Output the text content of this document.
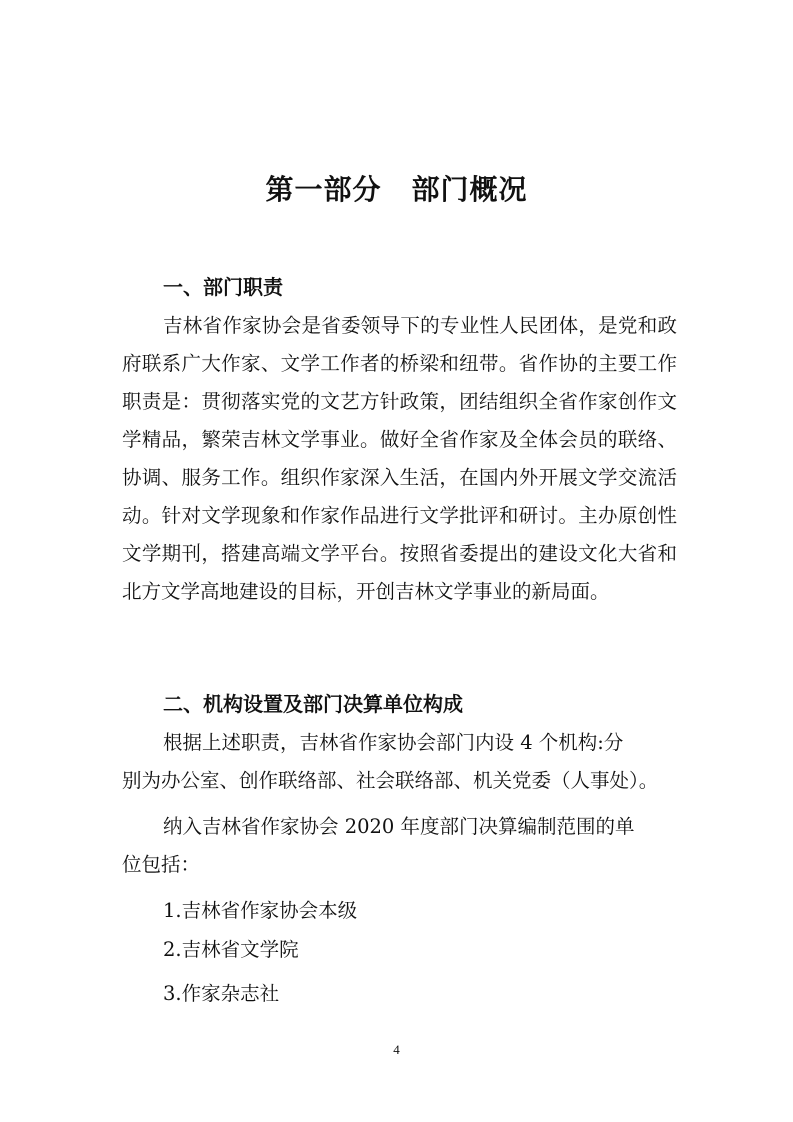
第一部分 部门概况
一、部门职责
吉林省作家协会是省委领导下的专业性人民团体，是党和政府联系广大作家、文学工作者的桥梁和纽带。省作协的主要工作职责是：贯彻落实党的文艺方针政策，团结组织全省作家创作文学精品，繁荣吉林文学事业。做好全省作家及全体会员的联络、协调、服务工作。组织作家深入生活，在国内外开展文学交流活动。针对文学现象和作家作品进行文学批评和研讨。主办原创性文学期刊，搭建高端文学平台。按照省委提出的建设文化大省和北方文学高地建设的目标，开创吉林文学事业的新局面。
二、机构设置及部门决算单位构成
根据上述职责，吉林省作家协会部门内设 4 个机构:分
别为办公室、创作联络部、社会联络部、机关党委（人事处）。
纳入吉林省作家协会 2020 年度部门决算编制范围的单
位包括：
1.吉林省作家协会本级
2.吉林省文学院
3.作家杂志社
4
